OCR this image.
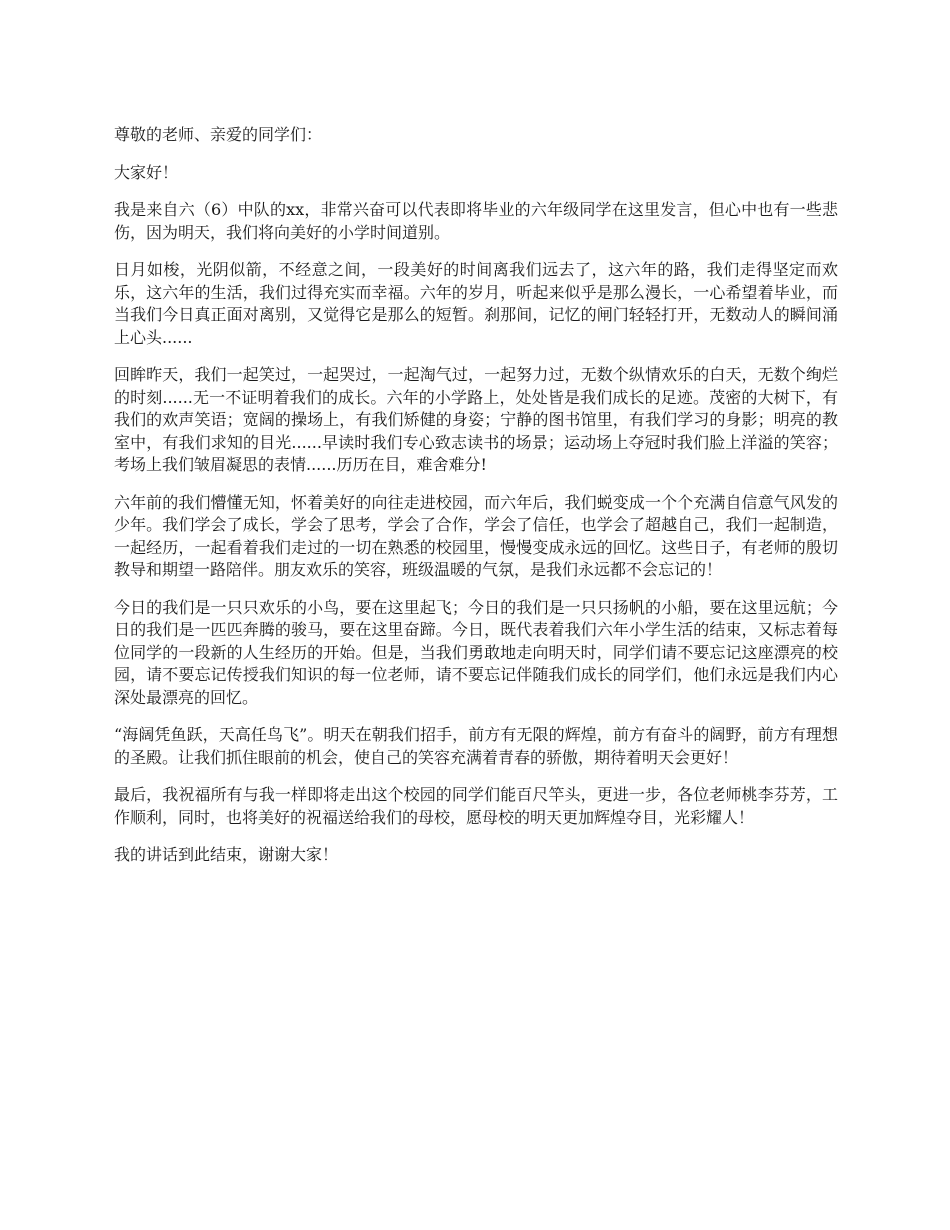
尊敬的老师、亲爱的同学们：

大家好！

我是来自六（6）中队的xx，非常兴奋可以代表即将毕业的六年级同学在这里发言，但心中也有一些悲伤，因为明天，我们将向美好的小学时间道别。

日月如梭，光阴似箭，不经意之间，一段美好的时间离我们远去了，这六年的路，我们走得坚定而欢乐，这六年的生活，我们过得充实而幸福。六年的岁月，听起来似乎是那么漫长，一心希望着毕业，而当我们今日真正面对离别，又觉得它是那么的短暂。刹那间，记忆的闸门轻轻打开，无数动人的瞬间涌上心头......

回眸昨天，我们一起笑过，一起哭过，一起淘气过，一起努力过，无数个纵情欢乐的白天，无数个绚烂的时刻......无一不证明着我们的成长。六年的小学路上，处处皆是我们成长的足迹。茂密的大树下，有我们的欢声笑语；宽阔的操场上，有我们矫健的身姿；宁静的图书馆里，有我们学习的身影；明亮的教室中，有我们求知的目光......早读时我们专心致志读书的场景；运动场上夺冠时我们脸上洋溢的笑容；考场上我们皱眉凝思的表情......历历在目，难舍难分!

六年前的我们懵懂无知，怀着美好的向往走进校园，而六年后，我们蜕变成一个个充满自信意气风发的少年。我们学会了成长，学会了思考，学会了合作，学会了信任，也学会了超越自己，我们一起制造，一起经历，一起看着我们走过的一切在熟悉的校园里，慢慢变成永远的回忆。这些日子，有老师的殷切教导和期望一路陪伴。朋友欢乐的笑容，班级温暖的气氛，是我们永远都不会忘记的！

今日的我们是一只只欢乐的小鸟，要在这里起飞；今日的我们是一只只扬帆的小船，要在这里远航；今日的我们是一匹匹奔腾的骏马，要在这里奋蹄。今日，既代表着我们六年小学生活的结束，又标志着每位同学的一段新的人生经历的开始。但是，当我们勇敢地走向明天时，同学们请不要忘记这座漂亮的校园，请不要忘记传授我们知识的每一位老师，请不要忘记伴随我们成长的同学们，他们永远是我们内心深处最漂亮的回忆。

“海阔凭鱼跃，天高任鸟飞”。明天在朝我们招手，前方有无限的辉煌，前方有奋斗的阔野，前方有理想的圣殿。让我们抓住眼前的机会，使自己的笑容充满着青春的骄傲，期待着明天会更好！

最后，我祝福所有与我一样即将走出这个校园的同学们能百尺竿头，更进一步，各位老师桃李芬芳，工作顺利，同时，也将美好的祝福送给我们的母校，愿母校的明天更加辉煌夺目，光彩耀人！

我的讲话到此结束，谢谢大家！
